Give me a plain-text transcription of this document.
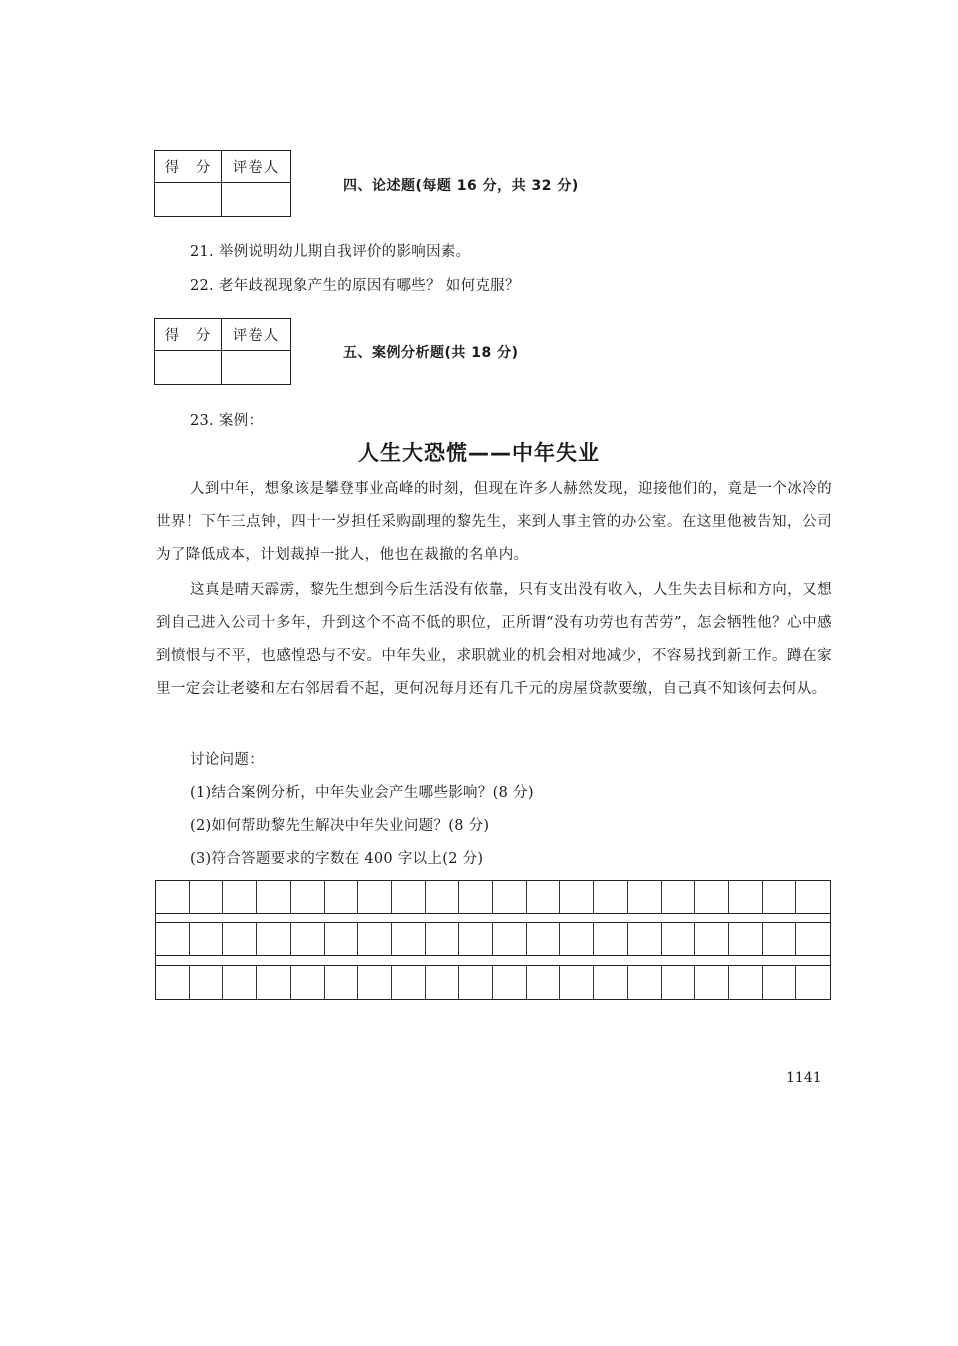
得　分	评卷人
四、论述题(每题 16 分，共 32 分)
21. 举例说明幼儿期自我评价的影响因素。
22. 老年歧视现象产生的原因有哪些？ 如何克服？
得　分	评卷人
五、案例分析题(共 18 分)
23. 案例：
人生大恐慌——中年失业
人到中年，想象该是攀登事业高峰的时刻，但现在许多人赫然发现，迎接他们的，竟是一个冰冷的世界！下午三点钟，四十一岁担任采购副理的黎先生，来到人事主管的办公室。在这里他被告知，公司为了降低成本，计划裁掉一批人，他也在裁撤的名单内。
这真是晴天霹雳，黎先生想到今后生活没有依靠，只有支出没有收入，人生失去目标和方向，又想到自己进入公司十多年，升到这个不高不低的职位，正所谓“没有功劳也有苦劳”，怎会牺牲他？心中感到愤恨与不平，也感惶恐与不安。中年失业，求职就业的机会相对地减少，不容易找到新工作。蹲在家里一定会让老婆和左右邻居看不起，更何况每月还有几千元的房屋贷款要缴，自己真不知该何去何从。
讨论问题：
(1)结合案例分析，中年失业会产生哪些影响？(8 分)
(2)如何帮助黎先生解决中年失业问题？(8 分)
(3)符合答题要求的字数在 400 字以上(2 分)
1141
